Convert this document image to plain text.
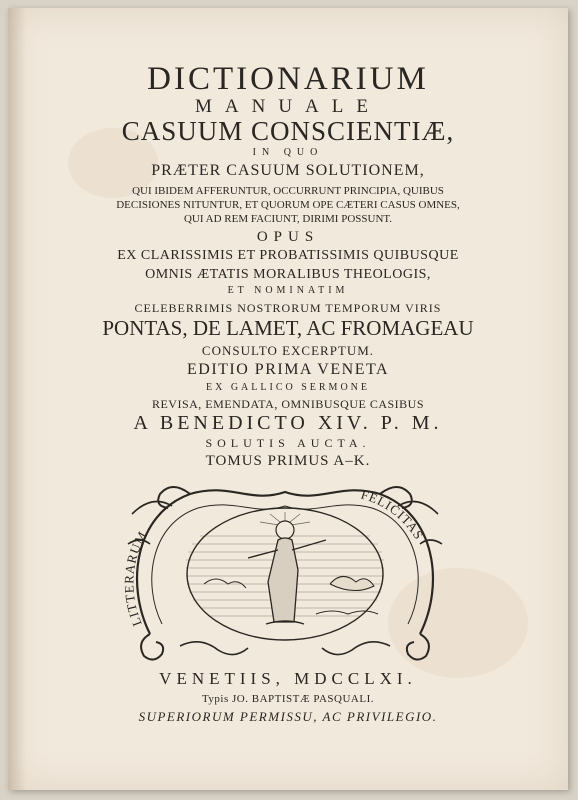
DICTIONARIUM
MANUALE
CASUUM CONSCIENTIÆ,
IN QUO
PRÆTER CASUUM SOLUTIONEM,
QUI IBIDEM AFFERUNTUR, OCCURRUNT PRINCIPIA, QUIBUS
DECISIONES NITUNTUR, ET QUORUM OPE CÆTERI CASUS OMNES,
QUI AD REM FACIUNT, DIRIMI POSSUNT.
OPUS
EX CLARISSIMIS ET PROBATISSIMIS QUIBUSQUE
OMNIS ÆTATIS MORALIBUS THEOLOGIS,
ET NOMINATIM
CELEBERRIMIS NOSTRORUM TEMPORUM VIRIS
PONTAS, DE LAMET, AC FROMAGEAU
CONSULTO EXCERPTUM.
EDITIO PRIMA VENETA
EX GALLICO SERMONE
REVISA, EMENDATA, OMNIBUSQUE CASIBUS
A BENEDICTO XIV. P. M.
SOLUTIS AUCTA.
TOMUS PRIMUS A–K.
LITTERARUM
FELICITAS
VENETIIS, MDCCLXI.
Typis JO. BAPTISTÆ PASQUALI.
SUPERIORUM PERMISSU, AC PRIVILEGIO.
